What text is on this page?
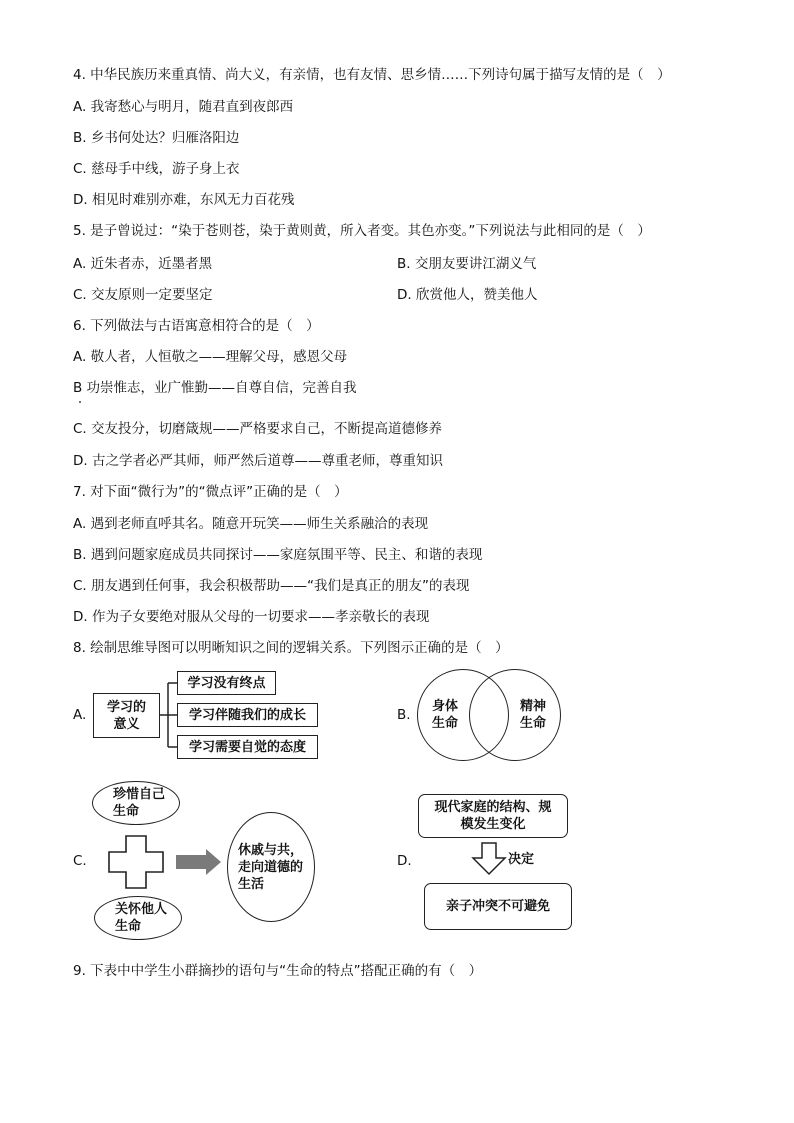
4. 中华民族历来重真情、尚大义，有亲情，也有友情、思乡情……下列诗句属于描写友情的是（　）
A. 我寄愁心与明月，随君直到夜郎西
B. 乡书何处达？归雁洛阳边
C. 慈母手中线，游子身上衣
D. 相见时难别亦难，东风无力百花残
5. 是子曾说过：“染于苍则苍，染于黄则黄，所入者变。其色亦变。”下列说法与此相同的是（　）
A. 近朱者赤，近墨者黑	B. 交朋友要讲江湖义气
C. 交友原则一定要坚定	D. 欣赏他人，赞美他人
6. 下列做法与古语寓意相符合的是（　）
A. 敬人者，人恒敬之——理解父母，感恩父母
B 功崇惟志，业广惟勤——自尊自信，完善自我
C. 交友投分，切磨箴规——严格要求自己，不断提高道德修养
D. 古之学者必严其师，师严然后道尊——尊重老师，尊重知识
7. 对下面“微行为”的“微点评”正确的是（　）
A. 遇到老师直呼其名。随意开玩笑——师生关系融洽的表现
B. 遇到问题家庭成员共同探讨——家庭氛围平等、民主、和谐的表现
C. 朋友遇到任何事，我会积极帮助——“我们是真正的朋友”的表现
D. 作为子女要绝对服从父母的一切要求——孝亲敬长的表现
8. 绘制思维导图可以明晰知识之间的逻辑关系。下列图示正确的是（　）
A.	学习的意义
学习没有终点
学习伴随我们的成长
学习需要自觉的态度
B.
身体生命
精神生命
C.
珍惜自己生命
关怀他人生命
休戚与共，走向道德的生活
D.
现代家庭的结构、规模发生变化
决定
亲子冲突不可避免
9. 下表中中学生小群摘抄的语句与“生命的特点”搭配正确的有（　）
